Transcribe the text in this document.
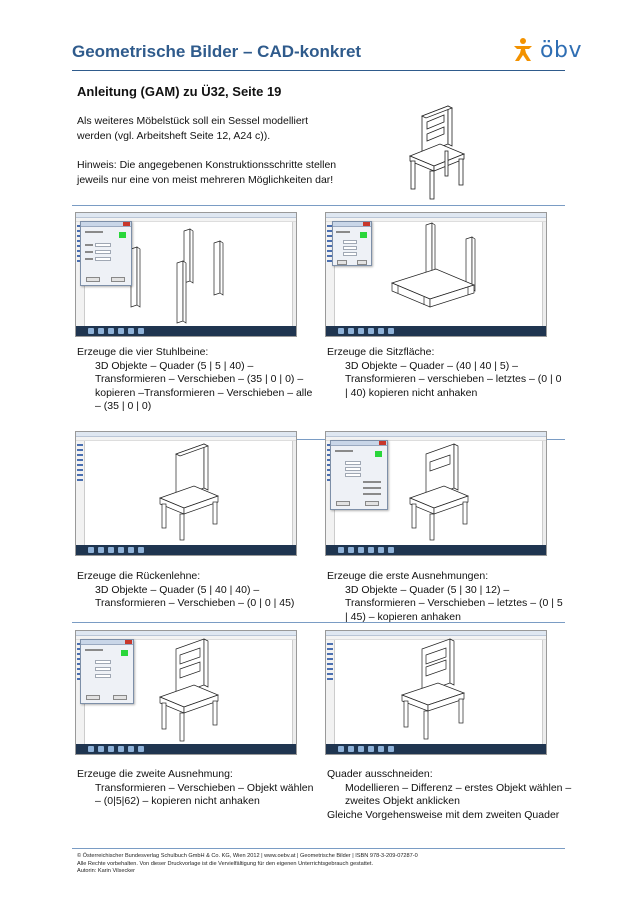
Geometrische Bilder – CAD-konkret	öbv
Anleitung (GAM) zu Ü32, Seite 19
Als weiteres Möbelstück soll ein Sessel modelliert werden (vgl. Arbeitsheft Seite 12, A24 c)).
Hinweis: Die angegebenen Konstruktionsschritte stellen jeweils nur eine von meist mehreren Möglichkeiten dar!
Erzeuge die vier Stuhlbeine:
3D Objekte – Quader (5 | 5 | 40) – Transformieren – Verschieben – (35 | 0 | 0) – kopieren –Transformieren – Verschieben – alle – (35 | 0 | 0)
Erzeuge die Sitzfläche:
3D Objekte – Quader – (40 | 40 | 5) – Transformieren – verschieben – letztes – (0 | 0 | 40) kopieren nicht anhaken
Erzeuge die Rückenlehne:
3D Objekte – Quader (5 | 40 | 40) – Transformieren – Verschieben – (0 | 0 | 45)
Erzeuge die erste Ausnehmungen:
3D Objekte – Quader (5 | 30 | 12) – Transformieren – Verschieben – letztes – (0 | 5 | 45) – kopieren anhaken
Erzeuge die zweite Ausnehmung:
Transformieren – Verschieben – Objekt wählen – (0|5|62) – kopieren nicht anhaken
Quader ausschneiden:
Modellieren – Differenz – erstes Objekt wählen – zweites Objekt anklicken
Gleiche Vorgehensweise mit dem zweiten Quader
© Österreichischer Bundesverlag Schulbuch GmbH & Co. KG, Wien 2012 | www.oebv.at | Geometrische Bilder | ISBN 978-3-209-07287-0
Alle Rechte vorbehalten. Von dieser Druckvorlage ist die Vervielfältigung für den eigenen Unterrichtsgebrauch gestattet.
Autorin: Karin Vilsecker
